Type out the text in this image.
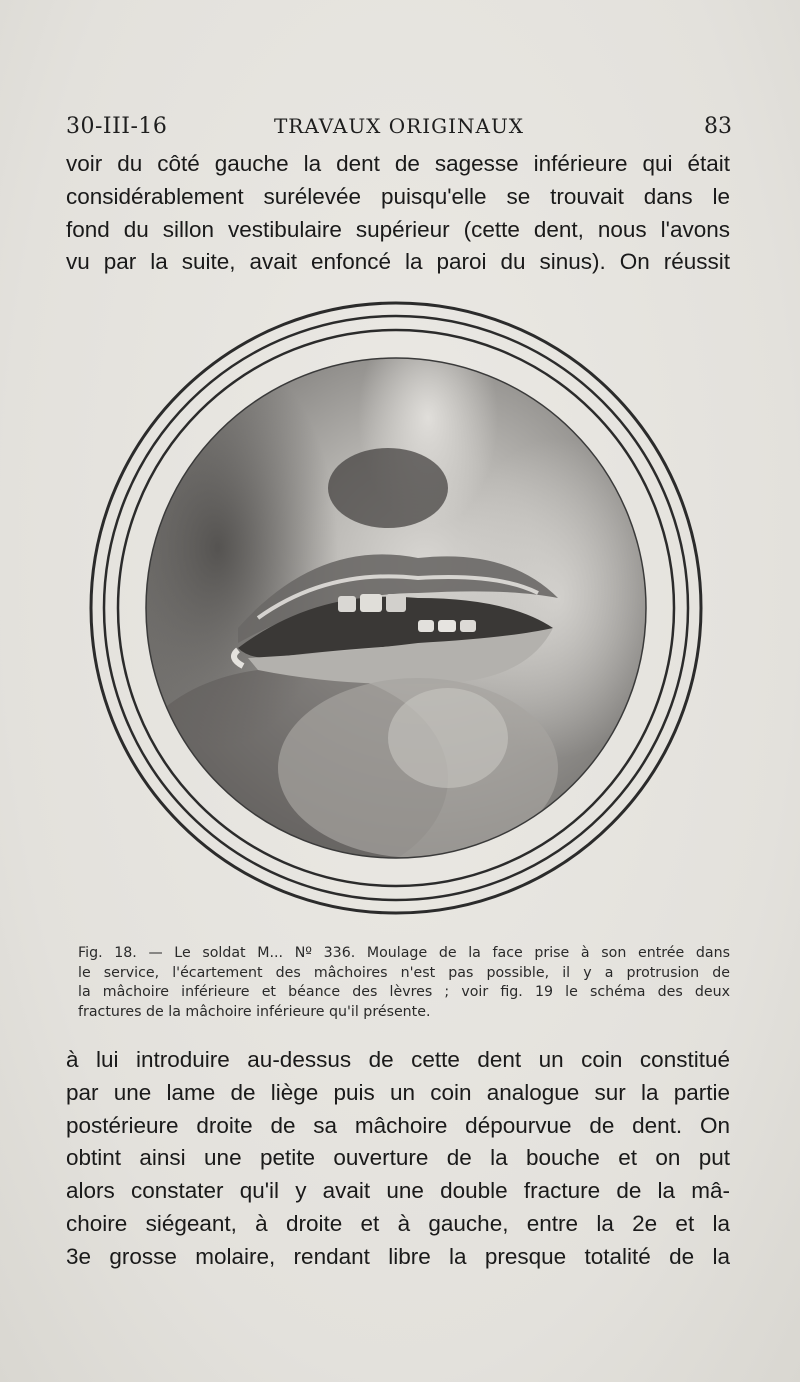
30-III-16	TRAVAUX ORIGINAUX	83
voir du côté gauche la dent de sagesse inférieure qui était
considérablement surélevée puisqu'elle se trouvait dans le
fond du sillon vestibulaire supérieur (cette dent, nous l'avons
vu par la suite, avait enfoncé la paroi du sinus). On réussit
Fig. 18. — Le soldat M... Nº 336. Moulage de la face prise à son entrée dans
le service, l'écartement des mâchoires n'est pas possible, il y a protrusion de
la mâchoire inférieure et béance des lèvres ; voir fig. 19 le schéma des deux
fractures de la mâchoire inférieure qu'il présente.
à lui introduire au-dessus de cette dent un coin constitué
par une lame de liège puis un coin analogue sur la partie
postérieure droite de sa mâchoire dépourvue de dent. On
obtint ainsi une petite ouverture de la bouche et on put
alors constater qu'il y avait une double fracture de la mâ-
choire siégeant, à droite et à gauche, entre la 2e et la
3e grosse molaire, rendant libre la presque totalité de la
